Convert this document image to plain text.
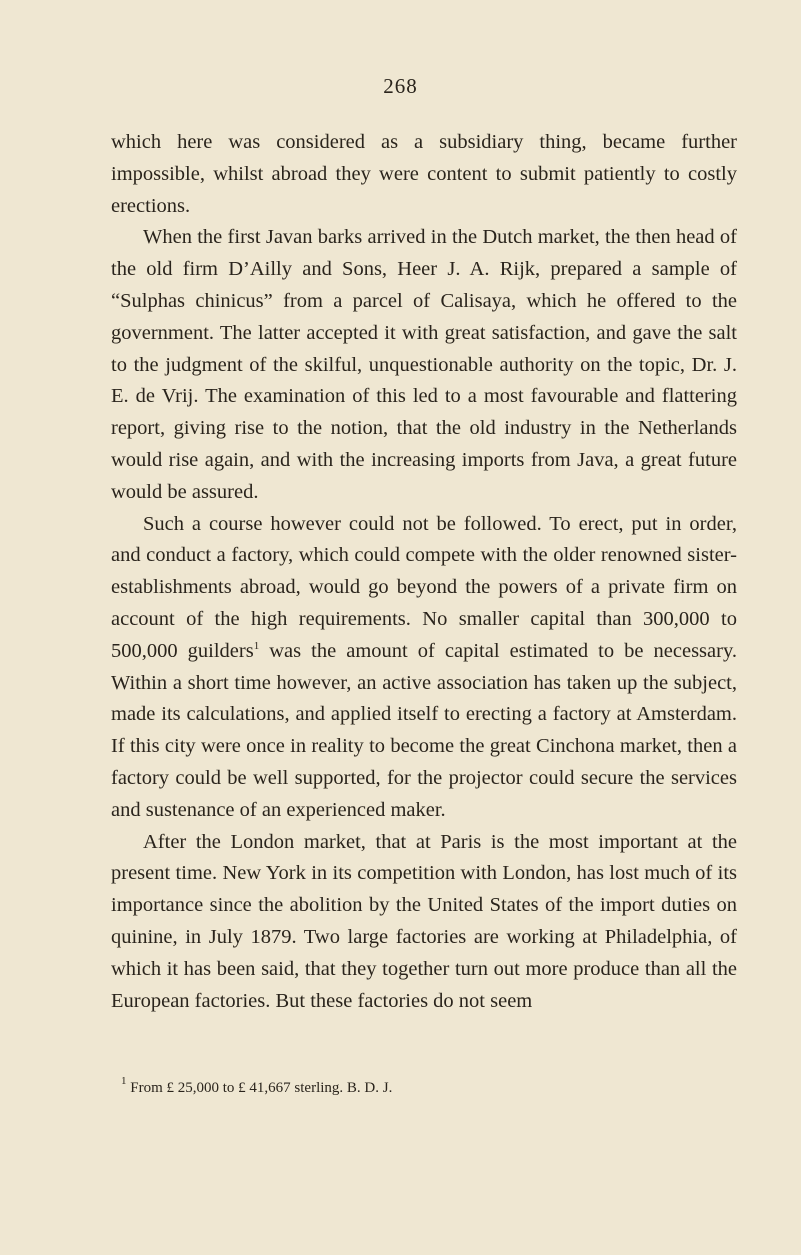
268

which here was considered as a subsidiary thing, became further impossible, whilst abroad they were content to submit patiently to costly erections.

When the first Javan barks arrived in the Dutch market, the then head of the old firm D’Ailly and Sons, Heer J. A. Rijk, prepared a sample of “Sulphas chinicus” from a parcel of Calisaya, which he offered to the government. The latter accepted it with great satisfaction, and gave the salt to the judgment of the skilful, unquestionable authority on the topic, Dr. J. E. de Vrij. The examination of this led to a most favourable and flattering report, giving rise to the notion, that the old industry in the Netherlands would rise again, and with the increasing imports from Java, a great future would be assured.

Such a course however could not be followed. To erect, put in order, and conduct a factory, which could compete with the older renowned sister-establishments abroad, would go beyond the powers of a private firm on account of the high requirements. No smaller capital than 300,000 to 500,000 guilders$^1$ was the amount of capital estimated to be necessary. Within a short time however, an active association has taken up the subject, made its calculations, and applied itself to erecting a factory at Amsterdam. If this city were once in reality to become the great Cinchona market, then a factory could be well supported, for the projector could secure the services and sustenance of an experienced maker.

After the London market, that at Paris is the most important at the present time. New York in its competition with London, has lost much of its importance since the abolition by the United States of the import duties on quinine, in July 1879. Two large factories are working at Philadelphia, of which it has been said, that they together turn out more produce than all the European factories. But these factories do not seem

$^1$ From £ 25,000 to £ 41,667 sterling. B. D. J.
